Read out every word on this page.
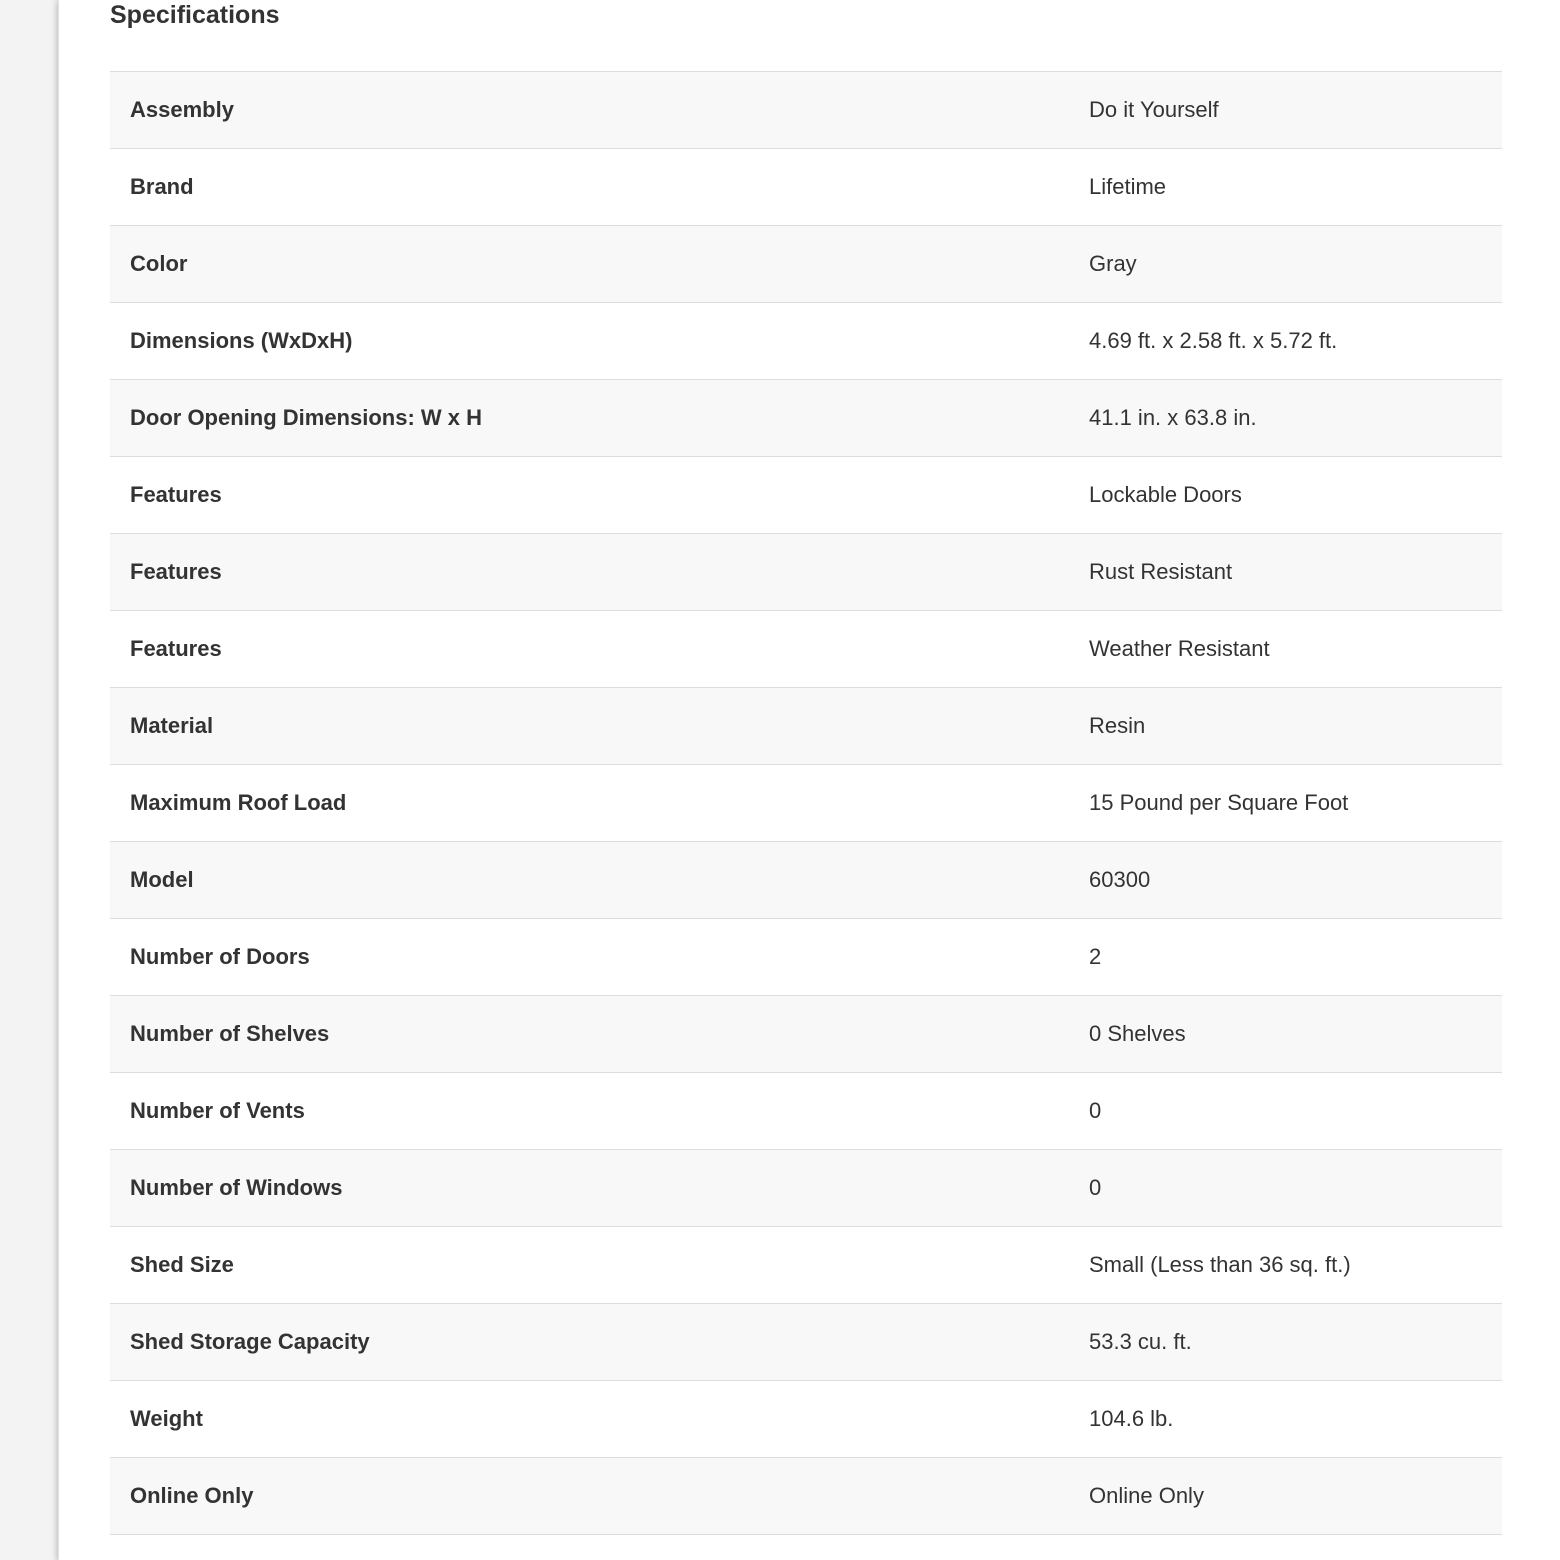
Specifications
Assembly	Do it Yourself
Brand	Lifetime
Color	Gray
Dimensions (WxDxH)	4.69 ft. x 2.58 ft. x 5.72 ft.
Door Opening Dimensions: W x H	41.1 in. x 63.8 in.
Features	Lockable Doors
Features	Rust Resistant
Features	Weather Resistant
Material	Resin
Maximum Roof Load	15 Pound per Square Foot
Model	60300
Number of Doors	2
Number of Shelves	0 Shelves
Number of Vents	0
Number of Windows	0
Shed Size	Small (Less than 36 sq. ft.)
Shed Storage Capacity	53.3 cu. ft.
Weight	104.6 lb.
Online Only	Online Only
